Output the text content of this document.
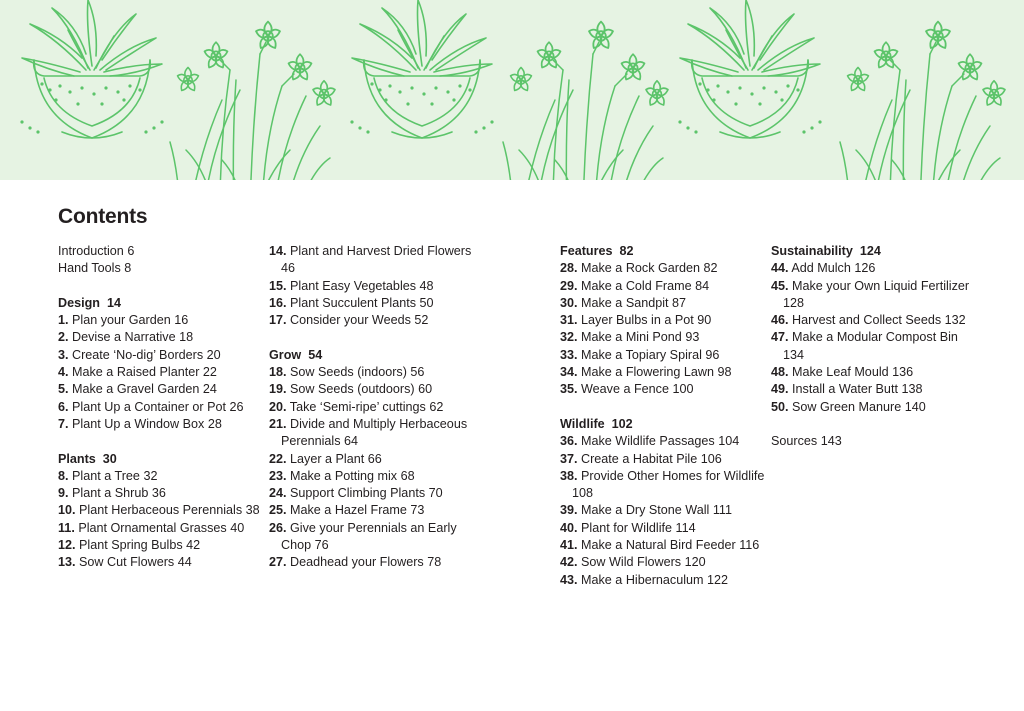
Contents
Introduction 6
Hand Tools 8
Design 14
1. Plan your Garden 16
2. Devise a Narrative 18
3. Create ‘No-dig’ Borders 20
4. Make a Raised Planter 22
5. Make a Gravel Garden 24
6. Plant Up a Container or Pot 26
7. Plant Up a Window Box 28
Plants 30
8. Plant a Tree 32
9. Plant a Shrub 36
10. Plant Herbaceous Perennials 38
11. Plant Ornamental Grasses 40
12. Plant Spring Bulbs 42
13. Sow Cut Flowers 44
14. Plant and Harvest Dried Flowers 46
15. Plant Easy Vegetables 48
16. Plant Succulent Plants 50
17. Consider your Weeds 52
Grow 54
18. Sow Seeds (indoors) 56
19. Sow Seeds (outdoors) 60
20. Take ‘Semi-ripe’ cuttings 62
21. Divide and Multiply Herbaceous Perennials 64
22. Layer a Plant 66
23. Make a Potting mix 68
24. Support Climbing Plants 70
25. Make a Hazel Frame 73
26. Give your Perennials an Early Chop 76
27. Deadhead your Flowers 78
Features 82
28. Make a Rock Garden 82
29. Make a Cold Frame 84
30. Make a Sandpit 87
31. Layer Bulbs in a Pot 90
32. Make a Mini Pond 93
33. Make a Topiary Spiral 96
34. Make a Flowering Lawn 98
35. Weave a Fence 100
Wildlife 102
36. Make Wildlife Passages 104
37. Create a Habitat Pile 106
38. Provide Other Homes for Wildlife 108
39. Make a Dry Stone Wall 111
40. Plant for Wildlife 114
41. Make a Natural Bird Feeder 116
42. Sow Wild Flowers 120
43. Make a Hibernaculum 122
Sustainability 124
44. Add Mulch 126
45. Make your Own Liquid Fertilizer 128
46. Harvest and Collect Seeds 132
47. Make a Modular Compost Bin 134
48. Make Leaf Mould 136
49. Install a Water Butt 138
50. Sow Green Manure 140
Sources 143
